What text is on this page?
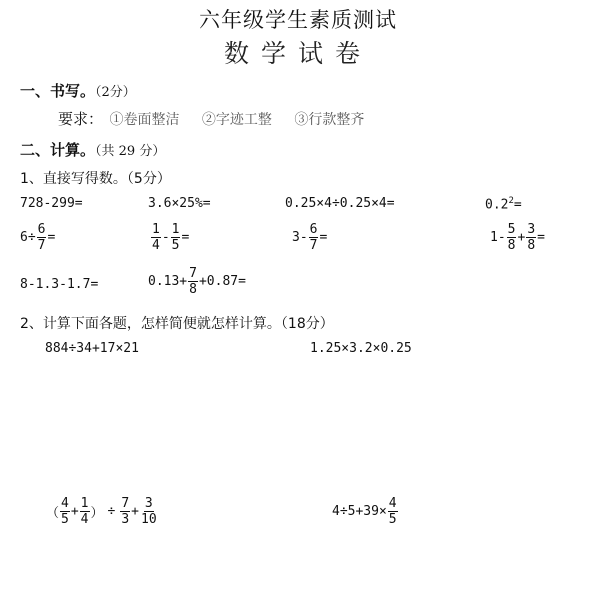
六年级学生素质测试
数学试卷
一、书写。（2分）
要求： ①卷面整洁 ②字迹工整 ③行款整齐
二、计算。（共 29 分）
1、直接写得数。（5分）
728-299=	3.6×25%=	0.25×4÷0.25×4=	$0.2^2=$
$6\div \frac{6}{7}$ =	$\frac{1}{4} - \frac{1}{5}$ =	$3- \frac{6}{7}$ =	$1- \frac{5}{8} + \frac{3}{8}$ =
8-1.3-1.7=	$0.13+ \frac{7}{8} +0.87=$
2、计算下面各题，怎样简便就怎样计算。（18分）
884÷34+17×21	1.25×3.2×0.25
（ $\frac{4}{5} + \frac{1}{4}$ ） ÷ $\frac{7}{3} + \frac{3}{10}$	$4\div 5+39\times \frac{4}{5}$
